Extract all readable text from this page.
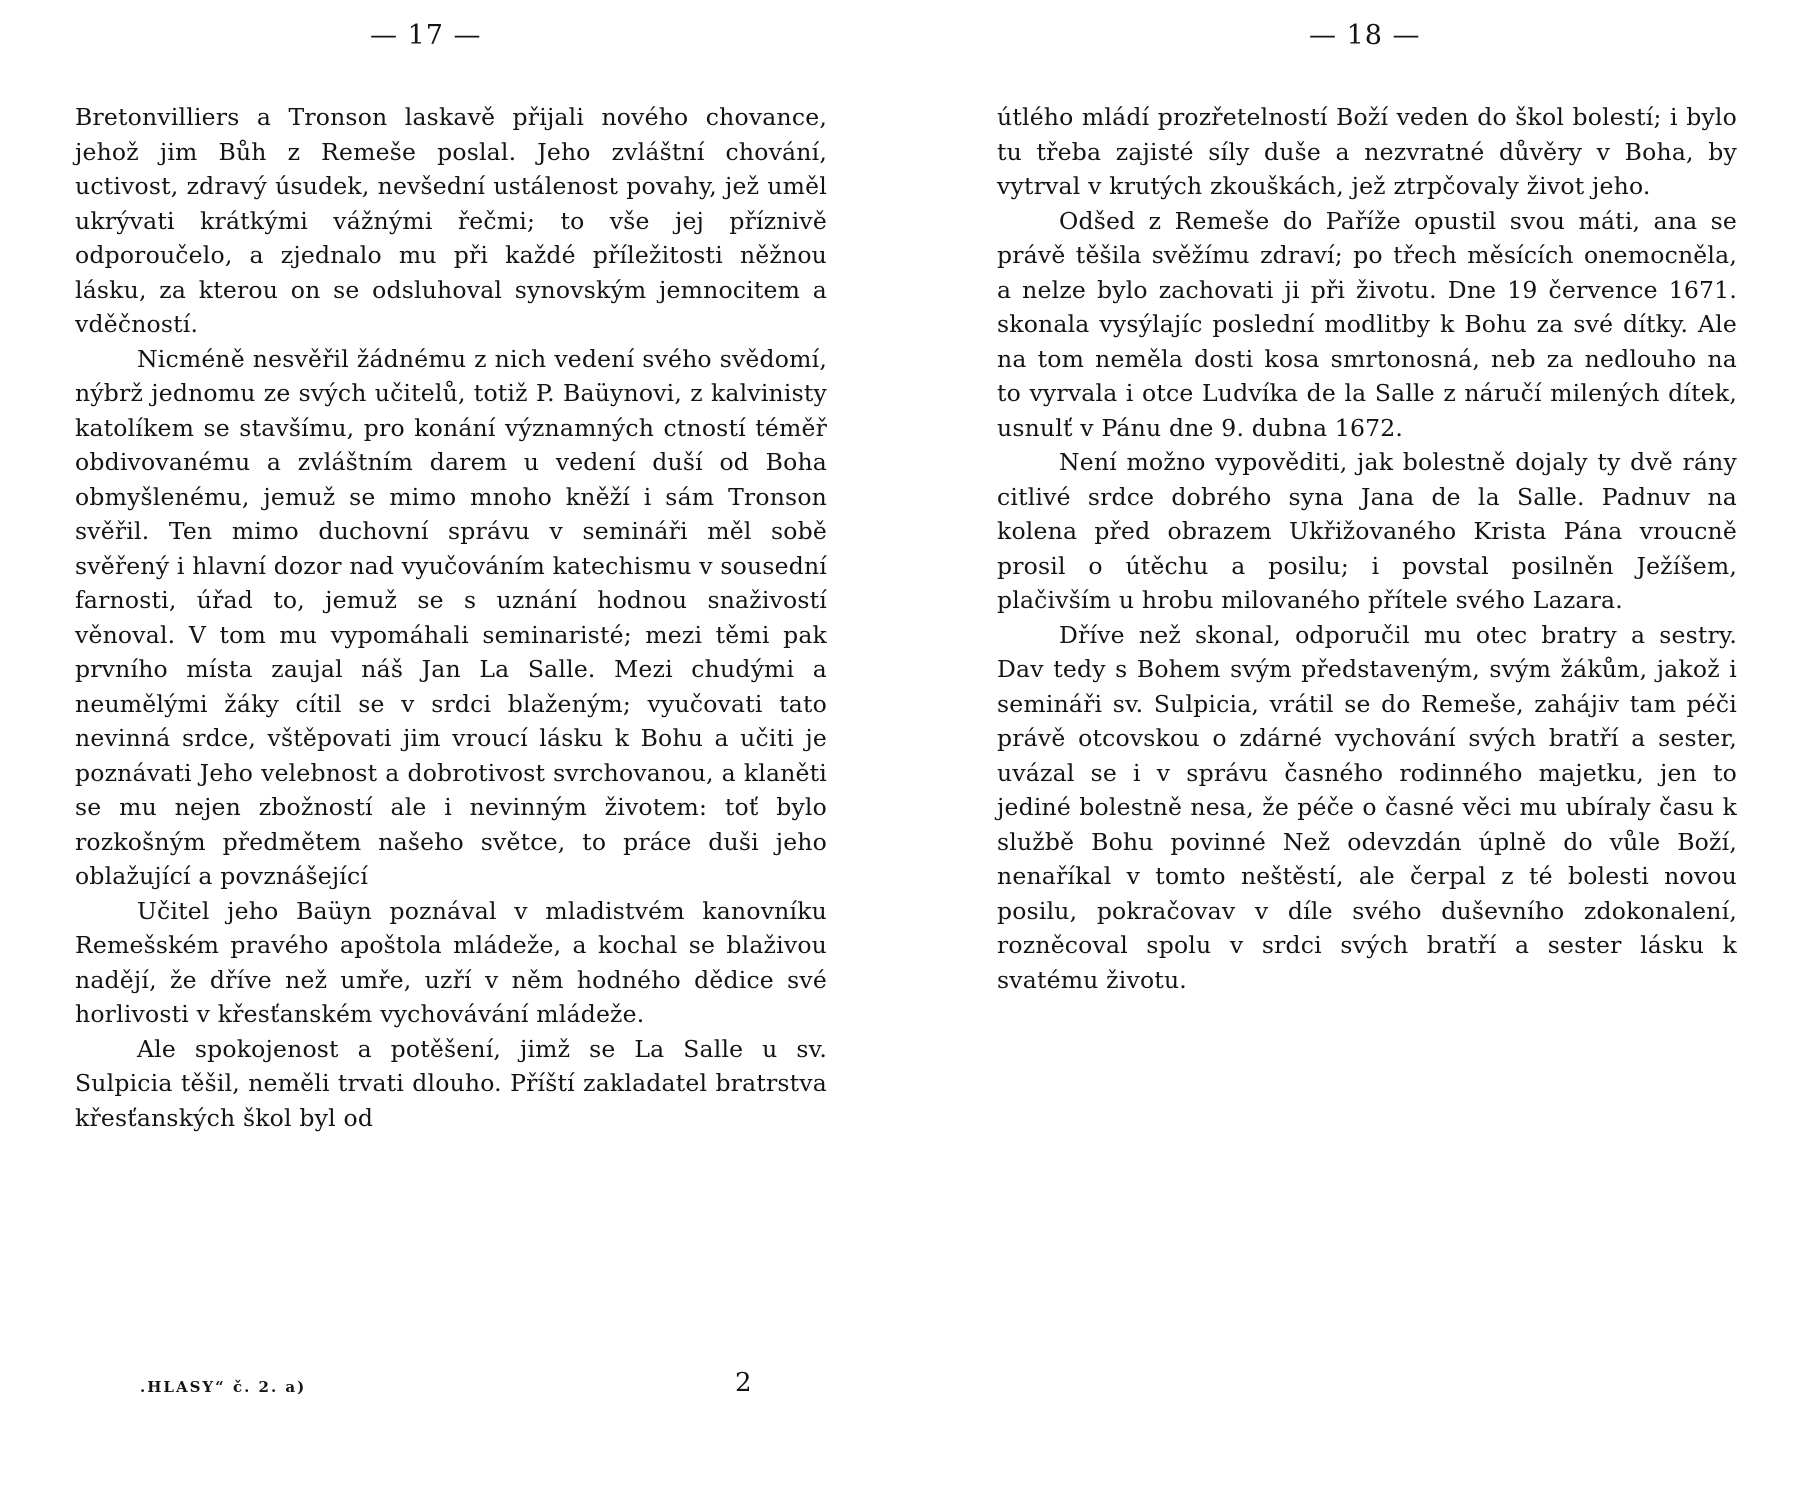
— 17 —

Bretonvilliers a Tronson laskavě přijali nového chovance, jehož jim Bůh z Remeše poslal. Jeho zvláštní chování, uctivost, zdravý úsudek, nevšední ustálenost povahy, jež uměl ukrývati krátkými vážnými řečmi; to vše jej příznivě odporoučelo, a zjednalo mu při každé příležitosti něžnou lásku, za kterou on se odsluhoval synovským jemnocitem a vděčností.

Nicméně nesvěřil žádnému z nich vedení svého svědomí, nýbrž jednomu ze svých učitelů, totiž P. Baüynovi, z kalvinisty katolíkem se stavšímu, pro konání významných ctností téměř obdivovanému a zvláštním darem u vedení duší od Boha obmyšlenému, jemuž se mimo mnoho kněží i sám Tronson svěřil. Ten mimo duchovní správu v semináři měl sobě svěřený i hlavní dozor nad vyučováním katechismu v sousední farnosti, úřad to, jemuž se s uznání hodnou snaživostí věnoval. V tom mu vypomáhali seminaristé; mezi těmi pak prvního místa zaujal náš Jan La Salle. Mezi chudými a neumělými žáky cítil se v srdci blaženým; vyučovati tato nevinná srdce, vštěpovati jim vroucí lásku k Bohu a učiti je poznávati Jeho velebnost a dobrotivost svrchovanou, a klaněti se mu nejen zbožností ale i nevinným životem: toť bylo rozkošným předmětem našeho světce, to práce duši jeho oblažující a povznášející

Učitel jeho Baüyn poznával v mladistvém kanovníku Remešském pravého apoštola mládeže, a kochal se blaživou nadějí, že dříve než umře, uzří v něm hodného dědice své horlivosti v křesťanském vychovávání mládeže.

Ale spokojenost a potěšení, jimž se La Salle u sv. Sulpicia těšil, neměli trvati dlouho. Příští zakladatel bratrstva křesťanských škol byl od

.HLASY“ č. 2. a)	2
— 18 —

útlého mládí prozřetelností Boží veden do škol bolestí; i bylo tu třeba zajisté síly duše a nezvratné důvěry v Boha, by vytrval v krutých zkouškách, jež ztrpčovaly život jeho.

Odšed z Remeše do Paříže opustil svou máti, ana se právě těšila svěžímu zdraví; po třech měsících onemocněla, a nelze bylo zachovati ji při životu. Dne 19 července 1671. skonala vysýlajíc poslední modlitby k Bohu za své dítky. Ale na tom neměla dosti kosa smrtonosná, neb za nedlouho na to vyrvala i otce Ludvíka de la Salle z náručí milených dítek, usnulť v Pánu dne 9. dubna 1672.

Není možno vypověditi, jak bolestně dojaly ty dvě rány citlivé srdce dobrého syna Jana de la Salle. Padnuv na kolena před obrazem Ukřižovaného Krista Pána vroucně prosil o útěchu a posilu; i povstal posilněn Ježíšem, plačivším u hrobu milovaného přítele svého Lazara.

Dříve než skonal, odporučil mu otec bratry a sestry. Dav tedy s Bohem svým představeným, svým žákům, jakož i semináři sv. Sulpicia, vrátil se do Remeše, zahájiv tam péči právě otcovskou o zdárné vychování svých bratří a sester, uvázal se i v správu časného rodinného majetku, jen to jediné bolestně nesa, že péče o časné věci mu ubíraly času k službě Bohu povinné Než odevzdán úplně do vůle Boží, nenaříkal v tomto neštěstí, ale čerpal z té bolesti novou posilu, pokračovav v díle svého duševního zdokonalení, rozněcoval spolu v srdci svých bratří a sester lásku k svatému životu.
